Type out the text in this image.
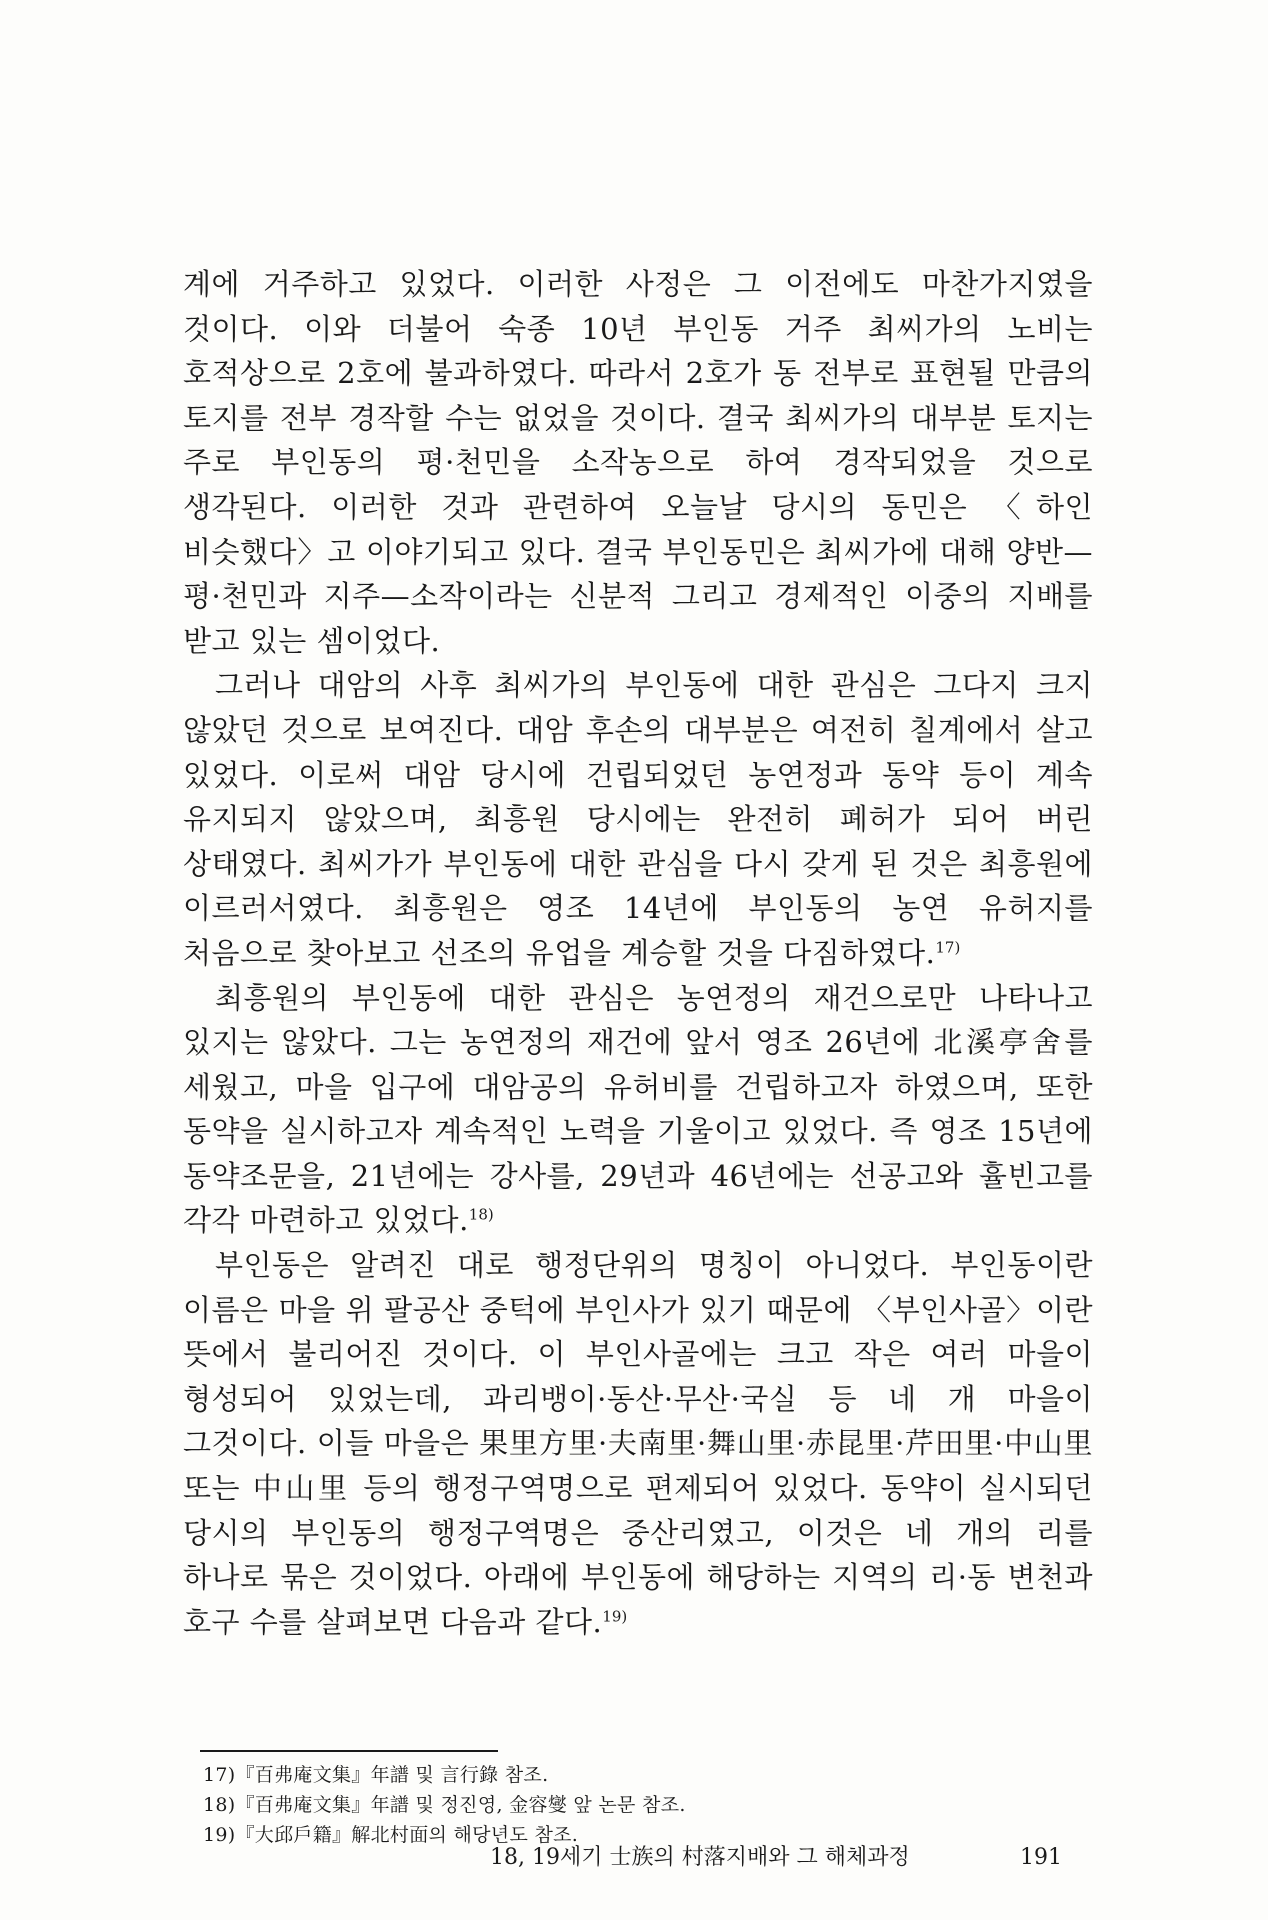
계에 거주하고 있었다. 이러한 사정은 그 이전에도 마찬가지였을 것이다. 이와 더불어 숙종 10년 부인동 거주 최씨가의 노비는 호적상으로 2호에 불과하였다. 따라서 2호가 동 전부로 표현될 만큼의 토지를 전부 경작할 수는 없었을 것이다. 결국 최씨가의 대부분 토지는 주로 부인동의 평·천민을 소작농으로 하여 경작되었을 것으로 생각된다. 이러한 것과 관련하여 오늘날 당시의 동민은 〈하인 비슷했다〉고 이야기되고 있다. 결국 부인동민은 최씨가에 대해 양반—평·천민과 지주—소작이라는 신분적 그리고 경제적인 이중의 지배를 받고 있는 셈이었다.

그러나 대암의 사후 최씨가의 부인동에 대한 관심은 그다지 크지 않았던 것으로 보여진다. 대암 후손의 대부분은 여전히 칠계에서 살고 있었다. 이로써 대암 당시에 건립되었던 농연정과 동약 등이 계속 유지되지 않았으며, 최흥원 당시에는 완전히 폐허가 되어 버린 상태였다. 최씨가가 부인동에 대한 관심을 다시 갖게 된 것은 최흥원에 이르러서였다. 최흥원은 영조 14년에 부인동의 농연 유허지를 처음으로 찾아보고 선조의 유업을 계승할 것을 다짐하였다.$^{17)}$

최흥원의 부인동에 대한 관심은 농연정의 재건으로만 나타나고 있지는 않았다. 그는 농연정의 재건에 앞서 영조 26년에 北溪亭舍를 세웠고, 마을 입구에 대암공의 유허비를 건립하고자 하였으며, 또한 동약을 실시하고자 계속적인 노력을 기울이고 있었다. 즉 영조 15년에 동약조문을, 21년에는 강사를, 29년과 46년에는 선공고와 휼빈고를 각각 마련하고 있었다.$^{18)}$

부인동은 알려진 대로 행정단위의 명칭이 아니었다. 부인동이란 이름은 마을 위 팔공산 중턱에 부인사가 있기 때문에 〈부인사골〉이란 뜻에서 불리어진 것이다. 이 부인사골에는 크고 작은 여러 마을이 형성되어 있었는데, 과리뱅이·동산·무산·국실 등 네 개 마을이 그것이다. 이들 마을은 果里方里·夫南里·舞山里·赤昆里·芹田里·中山里 또는 中山里 등의 행정구역명으로 편제되어 있었다. 동약이 실시되던 당시의 부인동의 행정구역명은 중산리였고, 이것은 네 개의 리를 하나로 묶은 것이었다. 아래에 부인동에 해당하는 지역의 리·동 변천과 호구 수를 살펴보면 다음과 같다.$^{19)}$

17)『百弗庵文集』年譜 및 言行錄 참조.

18)『百弗庵文集』年譜 및 정진영, 金容燮 앞 논문 참조.

19)『大邱戶籍』解北村面의 해당년도 참조.

18, 19세기 士族의 村落지배와 그 해체과정	191
